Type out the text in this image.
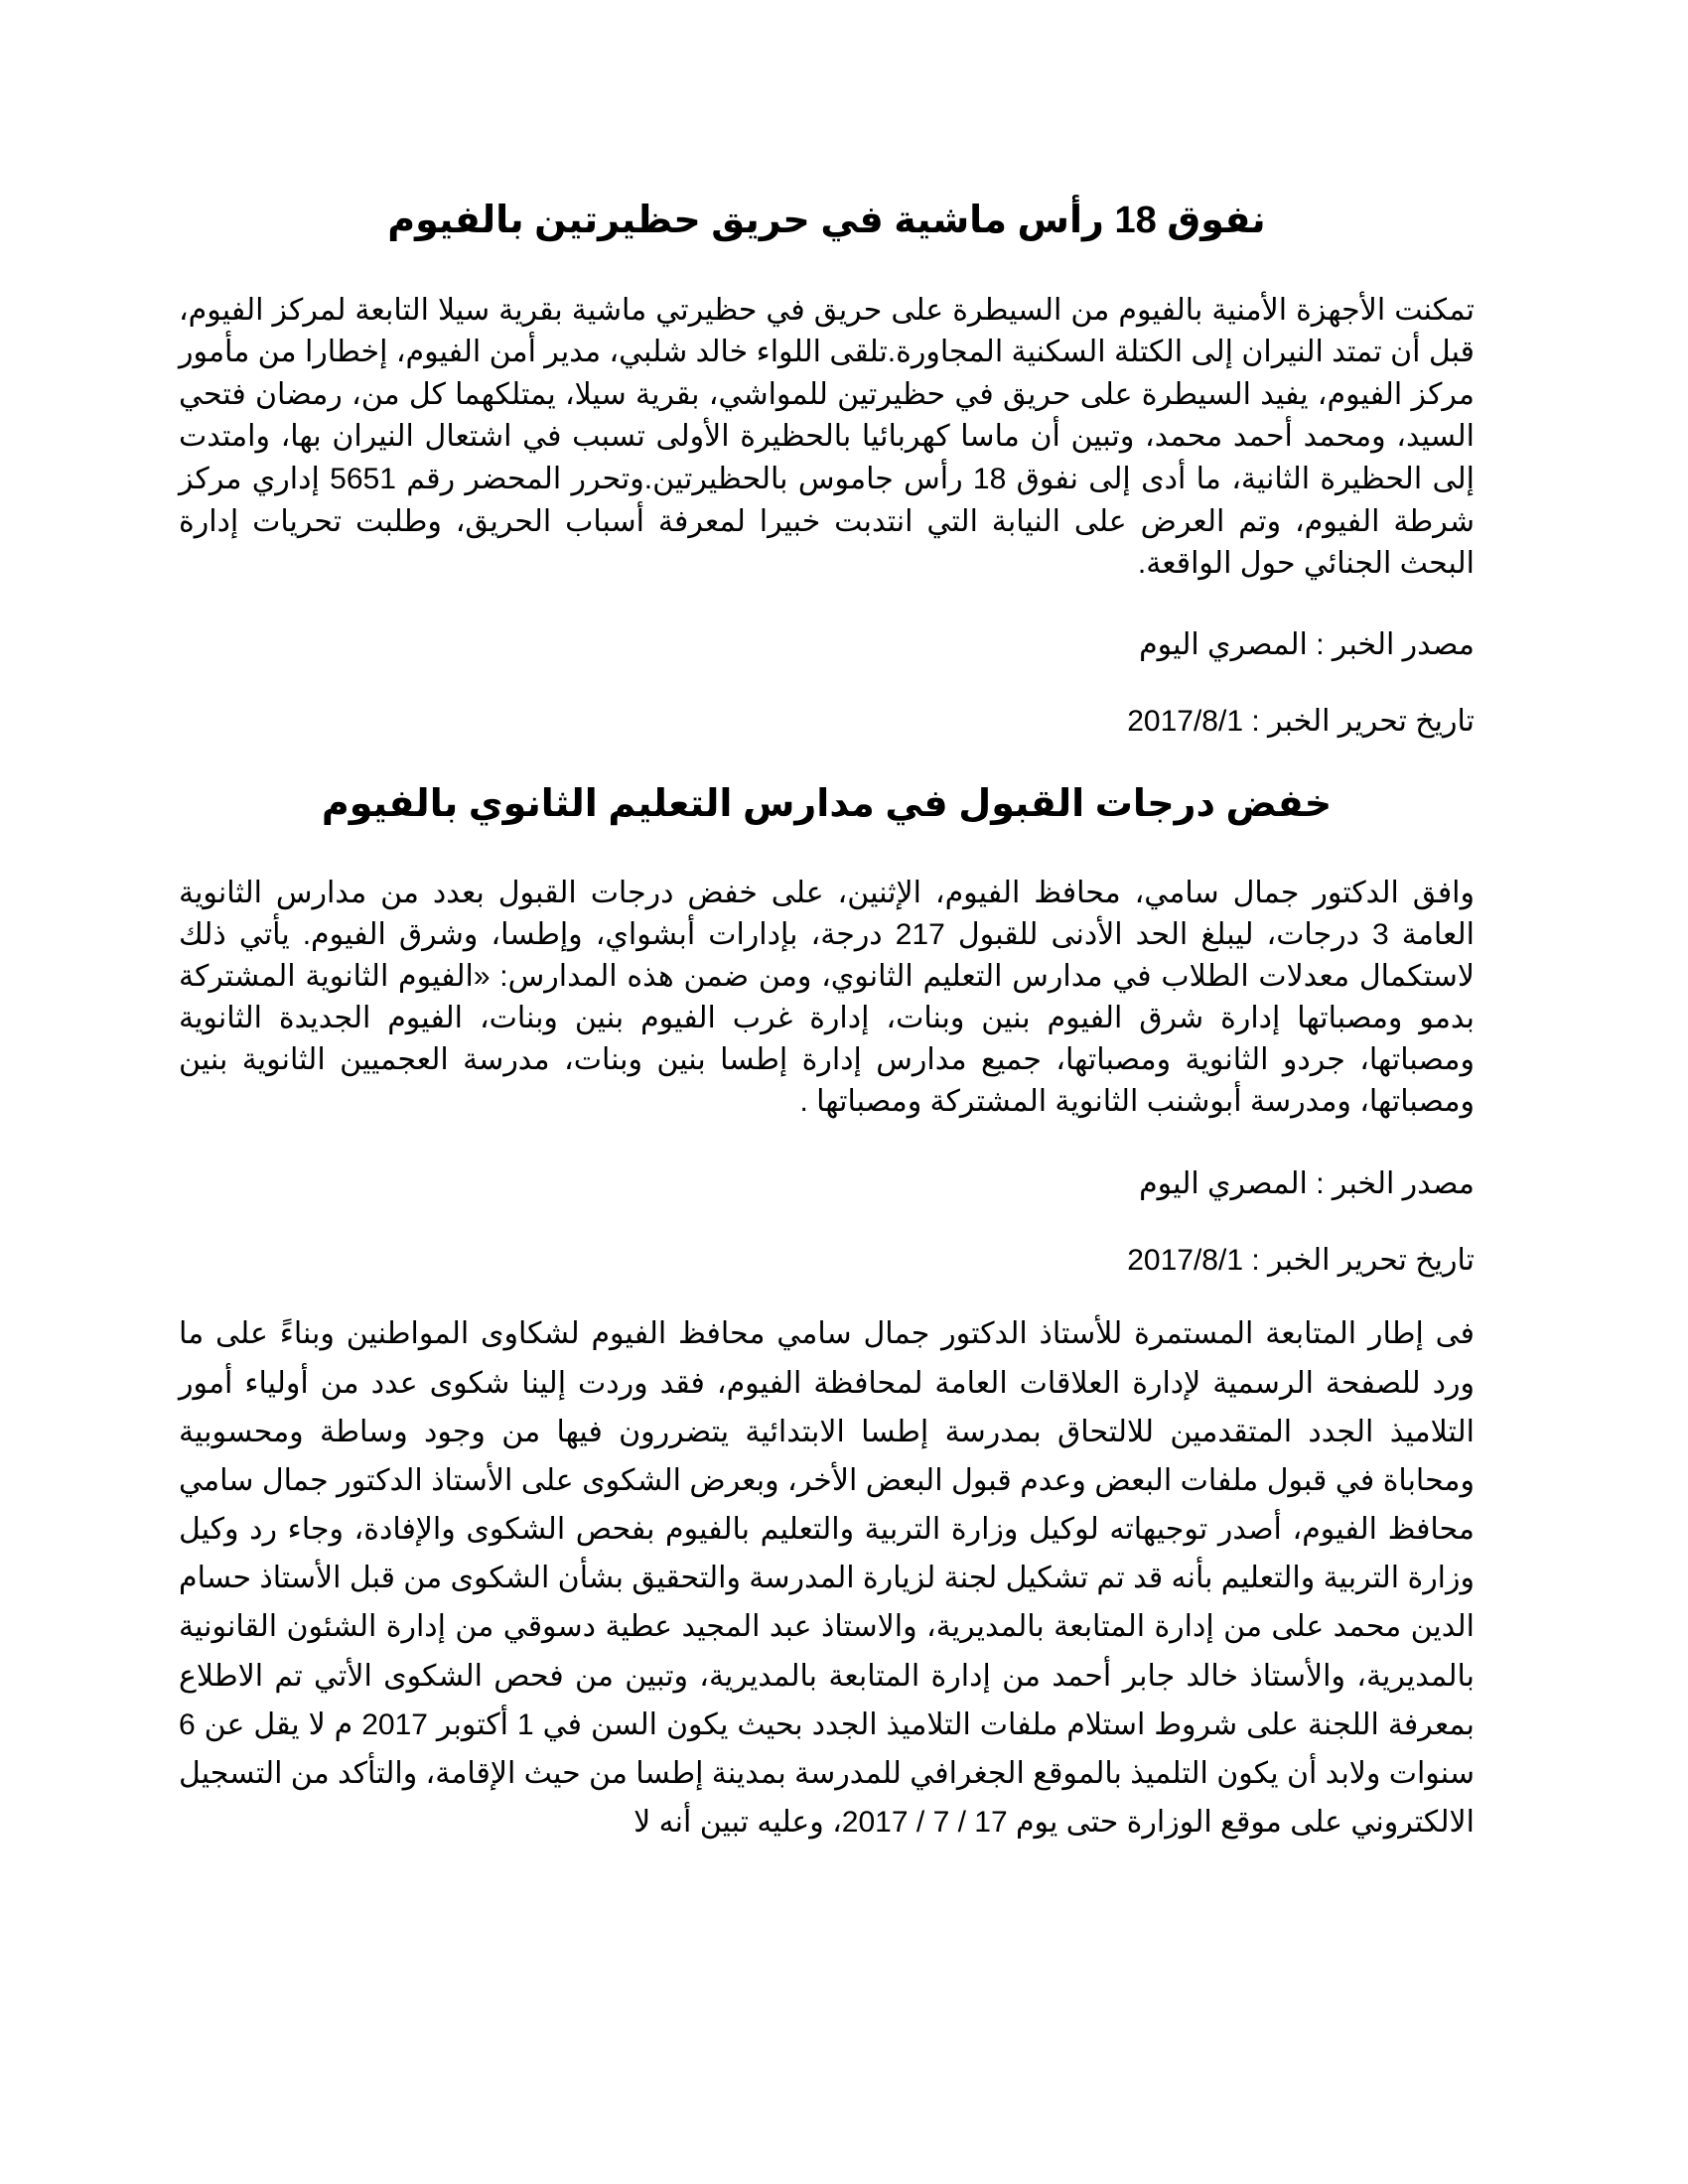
نفوق 18 رأس ماشية في حريق حظيرتين بالفيوم

تمكنت الأجهزة الأمنية بالفيوم من السيطرة على حريق في حظيرتي ماشية بقرية سيلا التابعة لمركز الفيوم، قبل أن تمتد النيران إلى الكتلة السكنية المجاورة.تلقى اللواء خالد شلبي، مدير أمن الفيوم، إخطارا من مأمور مركز الفيوم، يفيد السيطرة على حريق في حظيرتين للمواشي، بقرية سيلا، يمتلكهما كل من، رمضان فتحي السيد، ومحمد أحمد محمد، وتبين أن ماسا كهربائيا بالحظيرة الأولى تسبب في اشتعال النيران بها، وامتدت إلى الحظيرة الثانية، ما أدى إلى نفوق 18 رأس جاموس بالحظيرتين.وتحرر المحضر رقم 5651 إداري مركز شرطة الفيوم، وتم العرض على النيابة التي انتدبت خبيرا لمعرفة أسباب الحريق، وطلبت تحريات إدارة البحث الجنائي حول الواقعة.

مصدر الخبر : المصري اليوم

تاريخ تحرير الخبر : 2017/8/1

خفض درجات القبول في مدارس التعليم الثانوي بالفيوم

وافق الدكتور جمال سامي، محافظ الفيوم، الإثنين، على خفض درجات القبول بعدد من مدارس الثانوية العامة 3 درجات، ليبلغ الحد الأدنى للقبول 217 درجة، بإدارات أبشواي، وإطسا، وشرق الفيوم. يأتي ذلك لاستكمال معدلات الطلاب في مدارس التعليم الثانوي، ومن ضمن هذه المدارس: «الفيوم الثانوية المشتركة بدمو ومصباتها إدارة شرق الفيوم بنين وبنات، إدارة غرب الفيوم بنين وبنات، الفيوم الجديدة الثانوية ومصباتها، جردو الثانوية ومصباتها، جميع مدارس إدارة إطسا بنين وبنات، مدرسة العجميين الثانوية بنين ومصباتها، ومدرسة أبوشنب الثانوية المشتركة ومصباتها .

مصدر الخبر : المصري اليوم

تاريخ تحرير الخبر : 2017/8/1

فى إطار المتابعة المستمرة للأستاذ الدكتور جمال سامي محافظ الفيوم لشكاوى المواطنين وبناءً على ما ورد للصفحة الرسمية لإدارة العلاقات العامة لمحافظة الفيوم، فقد وردت إلينا شكوى عدد من أولياء أمور التلاميذ الجدد المتقدمين للالتحاق بمدرسة إطسا الابتدائية يتضررون فيها من وجود وساطة ومحسوبية ومحاباة في قبول ملفات البعض وعدم قبول البعض الأخر، وبعرض الشكوى على الأستاذ الدكتور جمال سامي محافظ الفيوم، أصدر توجيهاته لوكيل وزارة التربية والتعليم بالفيوم بفحص الشكوى والإفادة، وجاء رد وكيل وزارة التربية والتعليم بأنه قد تم تشكيل لجنة لزيارة المدرسة والتحقيق بشأن الشكوى من قبل الأستاذ حسام الدين محمد على من إدارة المتابعة بالمديرية، والاستاذ عبد المجيد عطية دسوقي من إدارة الشئون القانونية بالمديرية، والأستاذ خالد جابر أحمد من إدارة المتابعة بالمديرية، وتبين من فحص الشكوى الأتي تم الاطلاع بمعرفة اللجنة على شروط استلام ملفات التلاميذ الجدد بحيث يكون السن في 1 أكتوبر 2017 م لا يقل عن 6 سنوات ولابد أن يكون التلميذ بالموقع الجغرافي للمدرسة بمدينة إطسا من حيث الإقامة، والتأكد من التسجيل الالكتروني على موقع الوزارة حتى يوم 17 / 7 / 2017، وعليه تبين أنه لا
